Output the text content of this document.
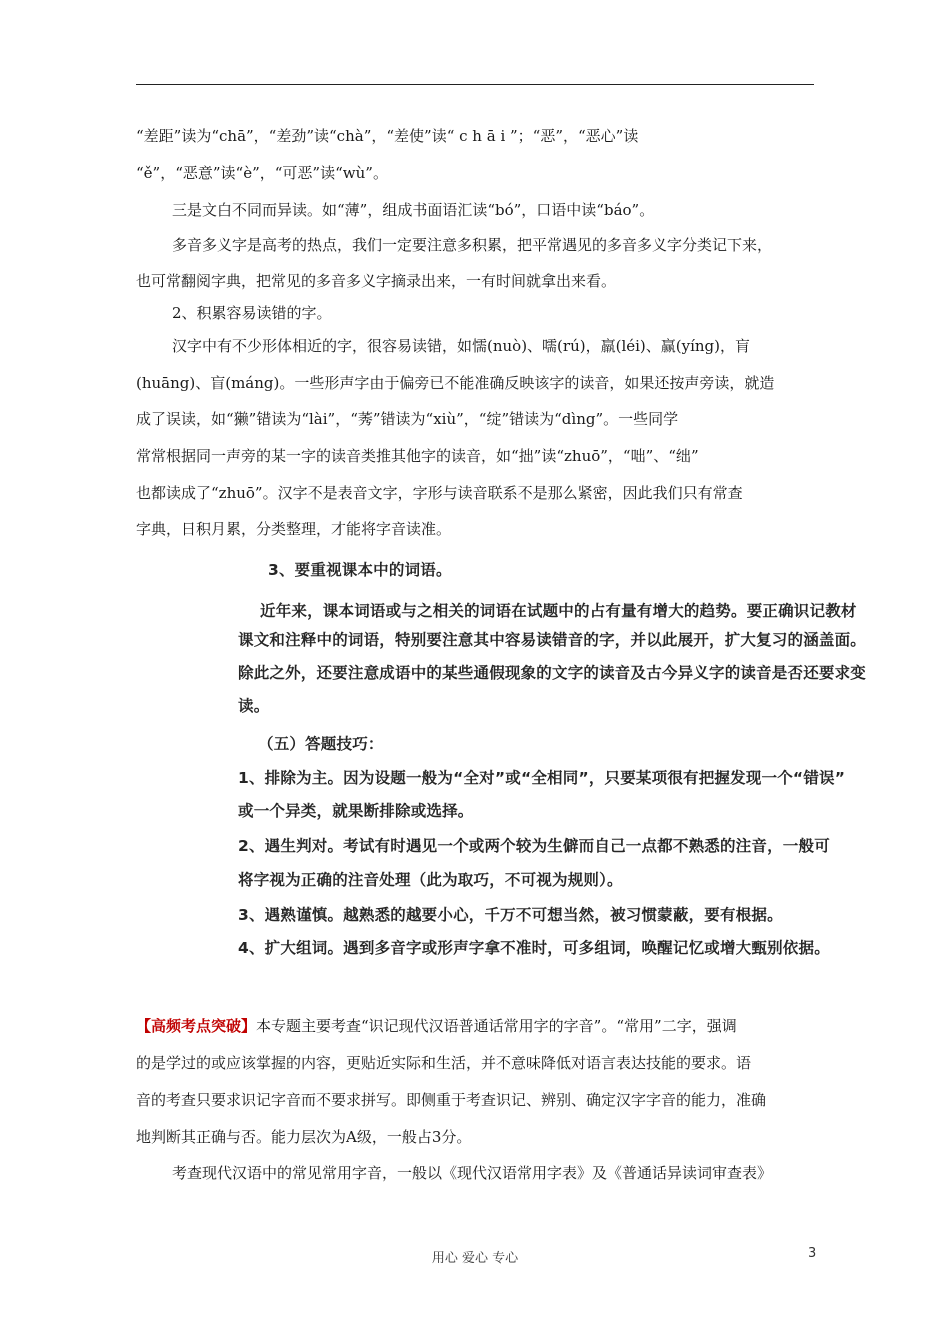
“差距”读为“chā”，“差劲”读“chà”，“差使”读“ c h ā i ”；“恶”，“恶心”读
“ě”，“恶意”读“è”，“可恶”读“wù”。
三是文白不同而异读。如“薄”，组成书面语汇读“bó”，口语中读“báo”。
多音多义字是高考的热点，我们一定要注意多积累，把平常遇见的多音多义字分类记下来，
也可常翻阅字典，把常见的多音多义字摘录出来，一有时间就拿出来看。
2、积累容易读错的字。
汉字中有不少形体相近的字，很容易读错，如懦(nuò)、嚅(rú)，羸(léi)、赢(yíng)，肓
(huāng)、盲(máng)。一些形声字由于偏旁已不能准确反映该字的读音，如果还按声旁读，就造
成了误读，如“獭”错读为“lài”，“莠”错读为“xiù”，“绽”错读为“dìng”。一些同学
常常根据同一声旁的某一字的读音类推其他字的读音，如“拙”读“zhuō”，“咄”、“绌”
也都读成了“zhuō”。汉字不是表音文字，字形与读音联系不是那么紧密，因此我们只有常查
字典，日积月累，分类整理，才能将字音读准。
3、要重视课本中的词语。
近年来，课本词语或与之相关的词语在试题中的占有量有增大的趋势。要正确识记教材
课文和注释中的词语，特别要注意其中容易读错音的字，并以此展开，扩大复习的涵盖面。
除此之外，还要注意成语中的某些通假现象的文字的读音及古今异义字的读音是否还要求变
读。
（五）答题技巧：
1、排除为主。因为设题一般为“全对”或“全相同”，只要某项很有把握发现一个“错误”
或一个异类，就果断排除或选择。
2、遇生判对。考试有时遇见一个或两个较为生僻而自己一点都不熟悉的注音，一般可
将字视为正确的注音处理（此为取巧，不可视为规则）。
3、遇熟谨慎。越熟悉的越要小心，千万不可想当然，被习惯蒙蔽，要有根据。
4、扩大组词。遇到多音字或形声字拿不准时，可多组词，唤醒记忆或增大甄别依据。
【高频考点突破】本专题主要考查“识记现代汉语普通话常用字的字音”。“常用”二字，强调
的是学过的或应该掌握的内容，更贴近实际和生活，并不意味降低对语言表达技能的要求。语
音的考查只要求识记字音而不要求拼写。即侧重于考查识记、辨别、确定汉字字音的能力，准确
地判断其正确与否。能力层次为A级，一般占3分。
考查现代汉语中的常见常用字音，一般以《现代汉语常用字表》及《普通话异读词审查表》
用心 爱心 专心	3
